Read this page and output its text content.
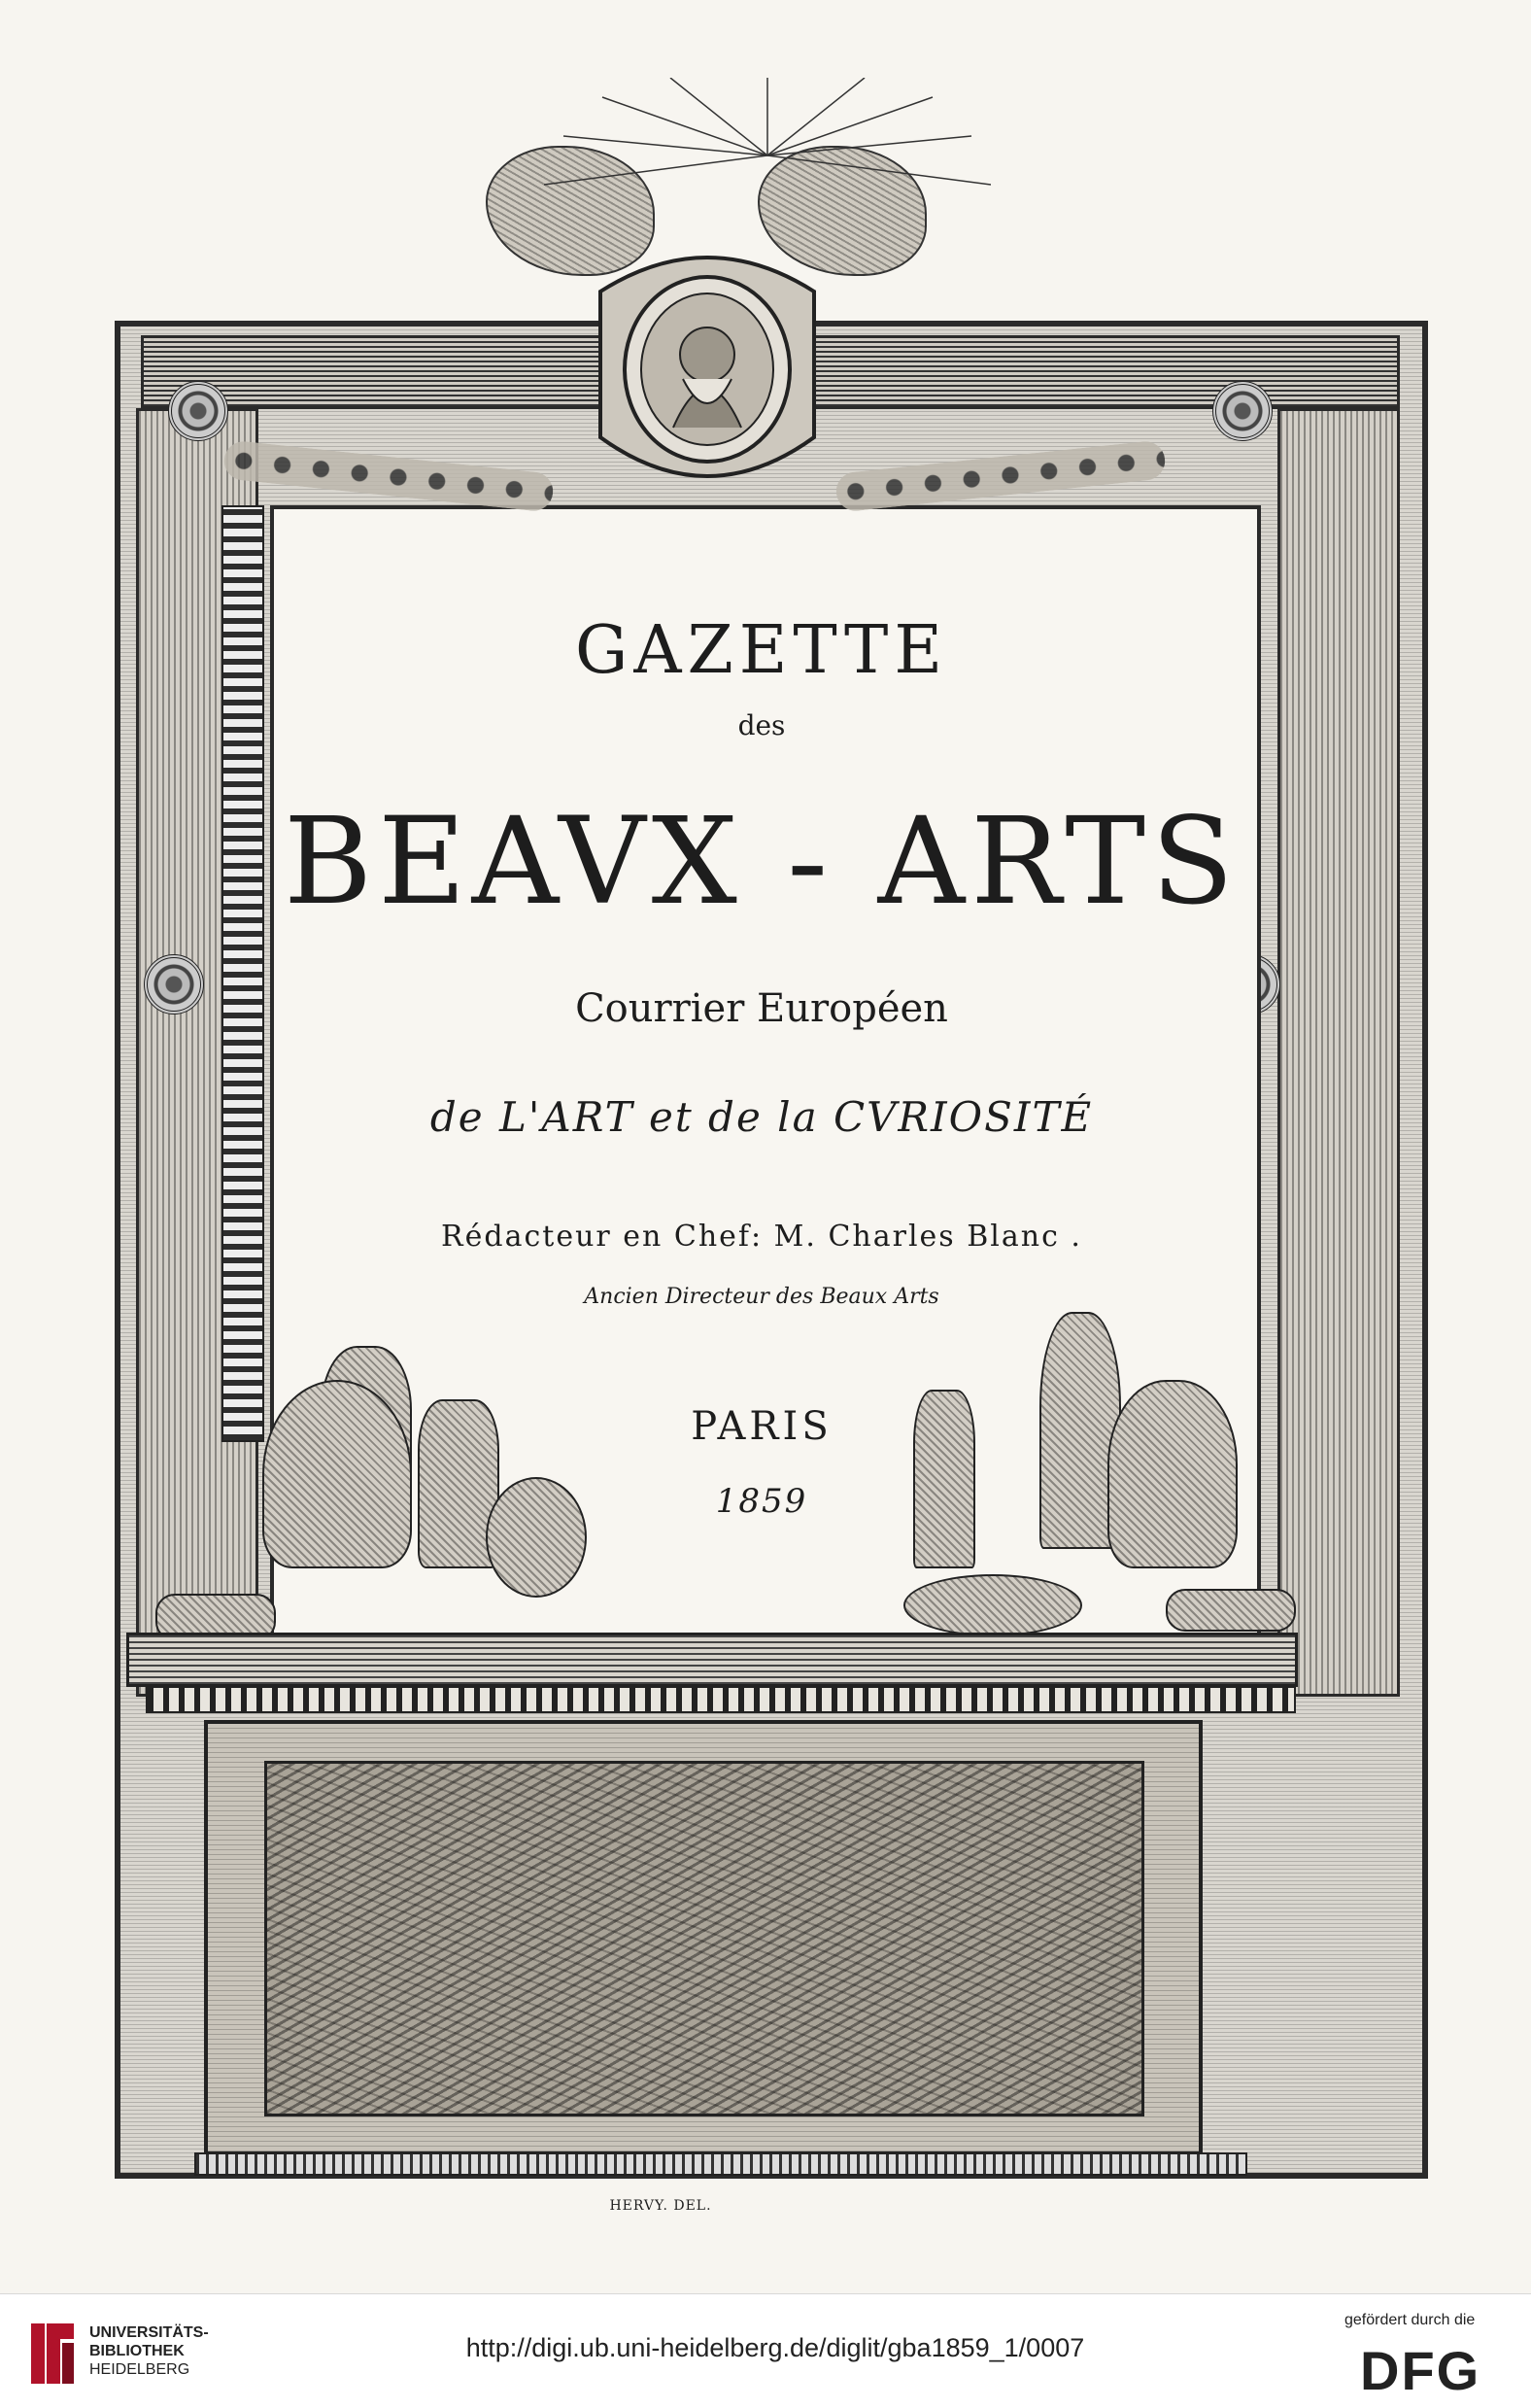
GAZETTE
des
BEAVX - ARTS
Courrier Européen
de L'ART et de la CVRIOSITÉ
Rédacteur en Chef: M. Charles Blanc .
Ancien Directeur des Beaux Arts
PARIS
1859
HERVY. DEL.
UNIVERSITÄTS-
BIBLIOTHEK
HEIDELBERG
http://digi.ub.uni-heidelberg.de/diglit/gba1859_1/0007
gefördert durch die
DFG
